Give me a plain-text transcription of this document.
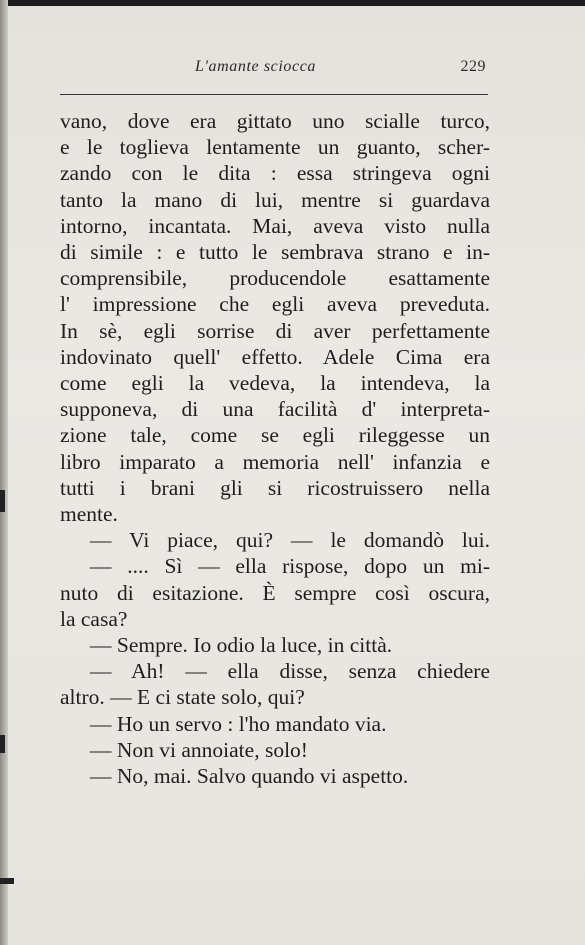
L'amante sciocca	229
vano, dove era gittato uno scialle turco,
e le toglieva lentamente un guanto, scher-
zando con le dita : essa stringeva ogni
tanto la mano di lui, mentre si guardava
intorno, incantata. Mai, aveva visto nulla
di simile : e tutto le sembrava strano e in-
comprensibile, producendole esattamente
l' impressione che egli aveva preveduta.
In sè, egli sorrise di aver perfettamente
indovinato quell' effetto. Adele Cima era
come egli la vedeva, la intendeva, la
supponeva, di una facilità d' interpreta-
zione tale, come se egli rileggesse un
libro imparato a memoria nell' infanzia e
tutti i brani gli si ricostruissero nella
mente.
— Vi piace, qui? — le domandò lui.
— .... Sì — ella rispose, dopo un mi-
nuto di esitazione. È sempre così oscura,
la casa?
— Sempre. Io odio la luce, in città.
— Ah! — ella disse, senza chiedere
altro. — E ci state solo, qui?
— Ho un servo : l'ho mandato via.
— Non vi annoiate, solo!
— No, mai. Salvo quando vi aspetto.
